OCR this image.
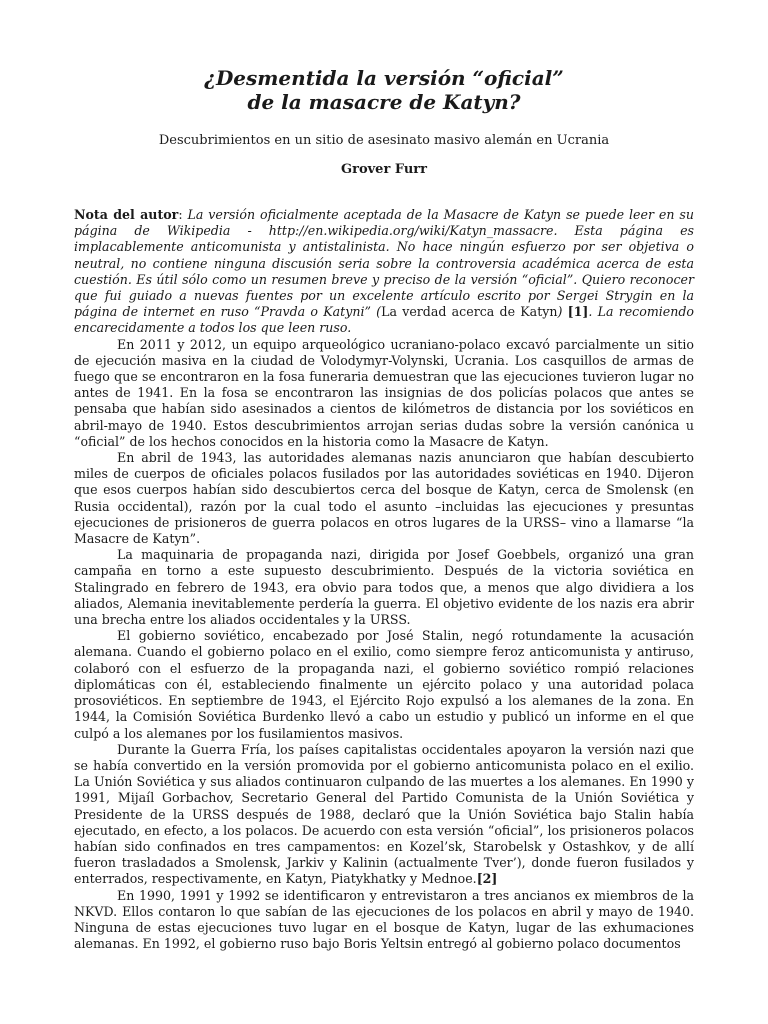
¿Desmentida la versión “oficial”
de la masacre de Katyn?
Descubrimientos en un sitio de asesinato masivo alemán en Ucrania
Grover Furr

Nota del autor: La versión oficialmente aceptada de la Masacre de Katyn se puede leer en su página de Wikipedia - http://en.wikipedia.org/wiki/Katyn_massacre. Esta página es implacablemente anticomunista y antistalinista. No hace ningún esfuerzo por ser objetiva o neutral, no contiene ninguna discusión seria sobre la controversia académica acerca de esta cuestión. Es útil sólo como un resumen breve y preciso de la versión “oficial”. Quiero reconocer que fui guiado a nuevas fuentes por un excelente artículo escrito por Sergei Strygin en la página de internet en ruso “Pravda o Katyni” (La verdad acerca de Katyn) [1]. La recomiendo encarecidamente a todos los que leen ruso.

En 2011 y 2012, un equipo arqueológico ucraniano-polaco excavó parcialmente un sitio de ejecución masiva en la ciudad de Volodymyr-Volynski, Ucrania. Los casquillos de armas de fuego que se encontraron en la fosa funeraria demuestran que las ejecuciones tuvieron lugar no antes de 1941. En la fosa se encontraron las insignias de dos policías polacos que antes se pensaba que habían sido asesinados a cientos de kilómetros de distancia por los soviéticos en abril-mayo de 1940. Estos descubrimientos arrojan serias dudas sobre la versión canónica u “oficial” de los hechos conocidos en la historia como la Masacre de Katyn.

En abril de 1943, las autoridades alemanas nazis anunciaron que habían descubierto miles de cuerpos de oficiales polacos fusilados por las autoridades soviéticas en 1940. Dijeron que esos cuerpos habían sido descubiertos cerca del bosque de Katyn, cerca de Smolensk (en Rusia occidental), razón por la cual todo el asunto –incluidas las ejecuciones y presuntas ejecuciones de prisioneros de guerra polacos en otros lugares de la URSS– vino a llamarse “la Masacre de Katyn”.

La maquinaria de propaganda nazi, dirigida por Josef Goebbels, organizó una gran campaña en torno a este supuesto descubrimiento. Después de la victoria soviética en Stalingrado en febrero de 1943, era obvio para todos que, a menos que algo dividiera a los aliados, Alemania inevitablemente perdería la guerra. El objetivo evidente de los nazis era abrir una brecha entre los aliados occidentales y la URSS.

El gobierno soviético, encabezado por José Stalin, negó rotundamente la acusación alemana. Cuando el gobierno polaco en el exilio, como siempre feroz anticomunista y antiruso, colaboró con el esfuerzo de la propaganda nazi, el gobierno soviético rompió relaciones diplomáticas con él, estableciendo finalmente un ejército polaco y una autoridad polaca prosoviéticos. En septiembre de 1943, el Ejército Rojo expulsó a los alemanes de la zona. En 1944, la Comisión Soviética Burdenko llevó a cabo un estudio y publicó un informe en el que culpó a los alemanes por los fusilamientos masivos.

Durante la Guerra Fría, los países capitalistas occidentales apoyaron la versión nazi que se había convertido en la versión promovida por el gobierno anticomunista polaco en el exilio. La Unión Soviética y sus aliados continuaron culpando de las muertes a los alemanes. En 1990 y 1991, Mijaíl Gorbachov, Secretario General del Partido Comunista de la Unión Soviética y Presidente de la URSS después de 1988, declaró que la Unión Soviética bajo Stalin había ejecutado, en efecto, a los polacos. De acuerdo con esta versión “oficial”, los prisioneros polacos habían sido confinados en tres campamentos: en Kozel’sk, Starobelsk y Ostashkov, y de allí fueron trasladados a Smolensk, Jarkiv y Kalinin (actualmente Tver’), donde fueron fusilados y enterrados, respectivamente, en Katyn, Piatykhatky y Mednoe.[2]

En 1990, 1991 y 1992 se identificaron y entrevistaron a tres ancianos ex miembros de la NKVD. Ellos contaron lo que sabían de las ejecuciones de los polacos en abril y mayo de 1940. Ninguna de estas ejecuciones tuvo lugar en el bosque de Katyn, lugar de las exhumaciones alemanas. En 1992, el gobierno ruso bajo Boris Yeltsin entregó al gobierno polaco documentos
